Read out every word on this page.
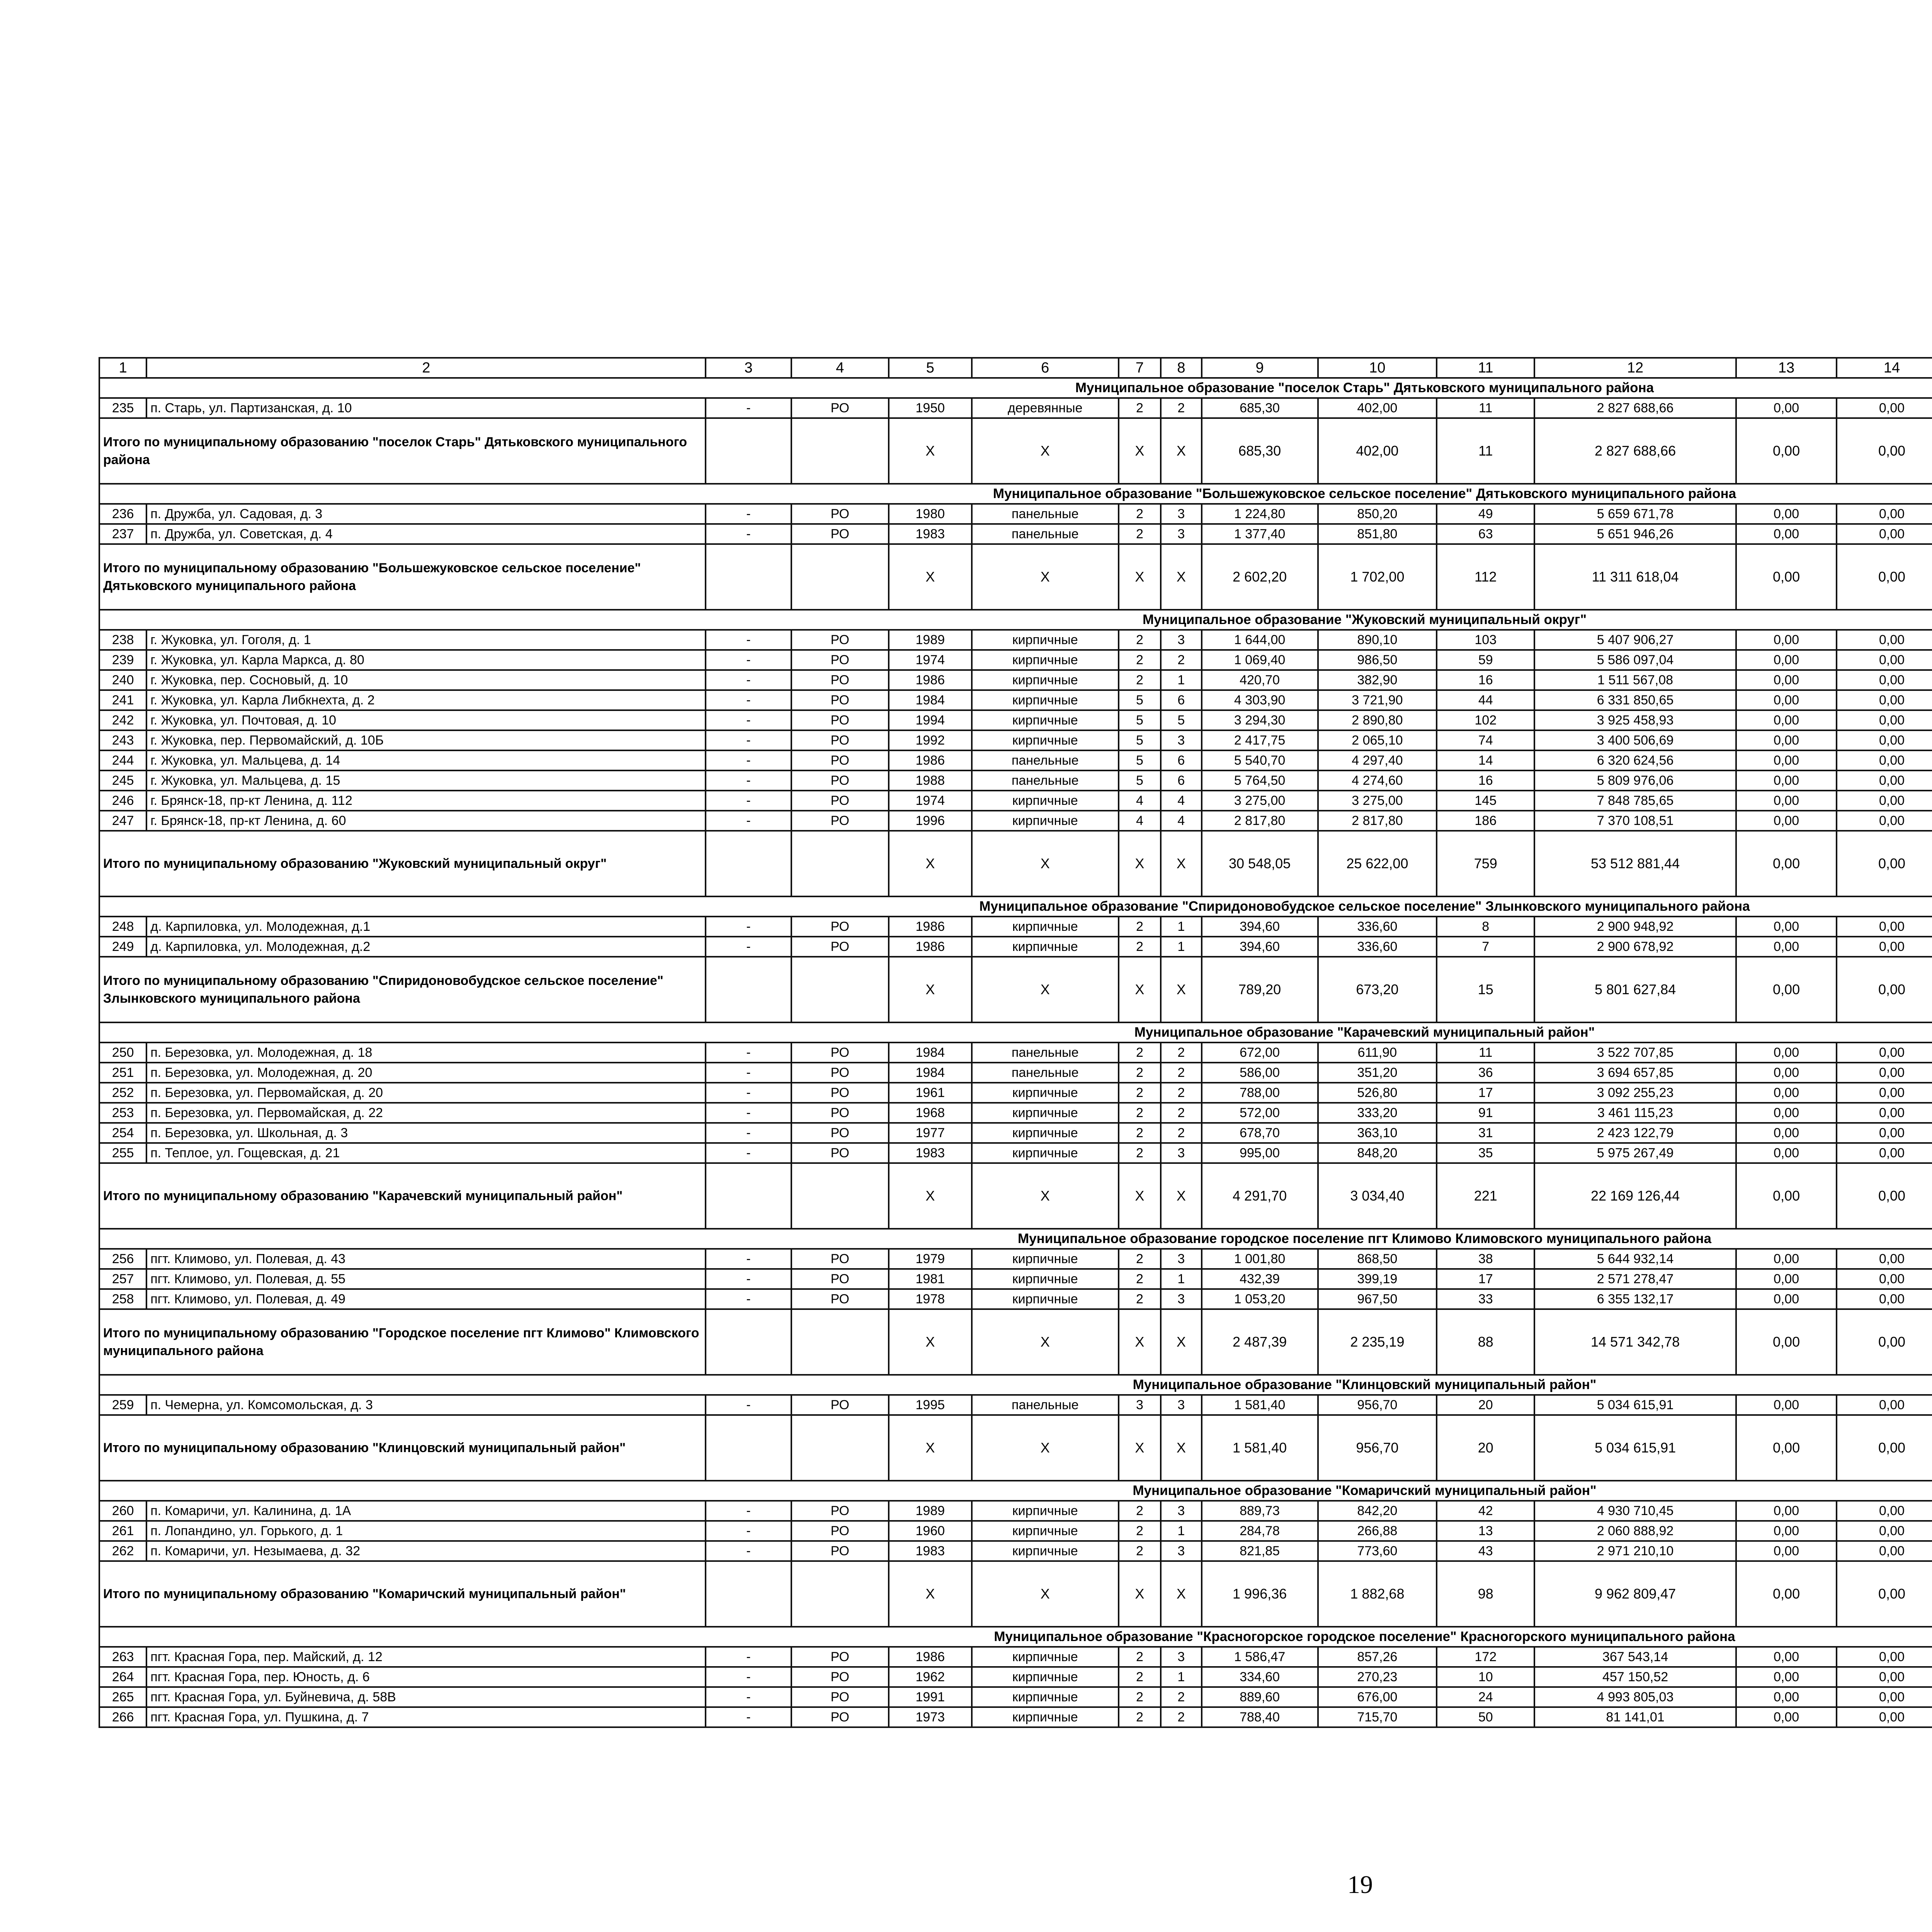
1	2	3	4	5	6	7	8	9	10	11	12	13	14					
Муниципальное образование "поселок Старь" Дятьковского муниципального района																		
235	п. Старь, ул. Партизанская, д. 10	-	РО	1950	деревянные	2	2	685,30	402,00	11	2 827 688,66	0,00	0,00					
Итого по муниципальному образованию "поселок Старь" Дятьковского муниципального района				X	X	X	X	685,30	402,00	11	2 827 688,66	0,00	0,00					
Муниципальное образование "Большежуковское сельское поселение" Дятьковского муниципального района																		
236	п. Дружба, ул. Садовая, д. 3	-	РО	1980	панельные	2	3	1 224,80	850,20	49	5 659 671,78	0,00	0,00					
237	п. Дружба, ул. Советская, д. 4	-	РО	1983	панельные	2	3	1 377,40	851,80	63	5 651 946,26	0,00	0,00					
Итого по муниципальному образованию "Большежуковское сельское поселение" Дятьковского муниципального района				X	X	X	X	2 602,20	1 702,00	112	11 311 618,04	0,00	0,00					
Муниципальное образование "Жуковский муниципальный округ"																		
238	г. Жуковка, ул. Гоголя, д. 1	-	РО	1989	кирпичные	2	3	1 644,00	890,10	103	5 407 906,27	0,00	0,00					
239	г. Жуковка, ул. Карла Маркса, д. 80	-	РО	1974	кирпичные	2	2	1 069,40	986,50	59	5 586 097,04	0,00	0,00					
240	г. Жуковка, пер. Сосновый, д. 10	-	РО	1986	кирпичные	2	1	420,70	382,90	16	1 511 567,08	0,00	0,00					
241	г. Жуковка, ул. Карла Либкнехта, д. 2	-	РО	1984	кирпичные	5	6	4 303,90	3 721,90	44	6 331 850,65	0,00	0,00					
242	г. Жуковка, ул. Почтовая, д. 10	-	РО	1994	кирпичные	5	5	3 294,30	2 890,80	102	3 925 458,93	0,00	0,00					
243	г. Жуковка, пер. Первомайский, д. 10Б	-	РО	1992	кирпичные	5	3	2 417,75	2 065,10	74	3 400 506,69	0,00	0,00					
244	г. Жуковка, ул. Мальцева, д. 14	-	РО	1986	панельные	5	6	5 540,70	4 297,40	14	6 320 624,56	0,00	0,00					
245	г. Жуковка, ул. Мальцева, д. 15	-	РО	1988	панельные	5	6	5 764,50	4 274,60	16	5 809 976,06	0,00	0,00					
246	г. Брянск-18, пр-кт Ленина, д. 112	-	РО	1974	кирпичные	4	4	3 275,00	3 275,00	145	7 848 785,65	0,00	0,00					
247	г. Брянск-18, пр-кт Ленина, д. 60	-	РО	1996	кирпичные	4	4	2 817,80	2 817,80	186	7 370 108,51	0,00	0,00					
Итого по муниципальному образованию "Жуковский муниципальный округ"				X	X	X	X	30 548,05	25 622,00	759	53 512 881,44	0,00	0,00					
Муниципальное образование "Спиридоновобудское сельское поселение" Злынковского муниципального района																		
248	д. Карпиловка, ул. Молодежная, д.1	-	РО	1986	кирпичные	2	1	394,60	336,60	8	2 900 948,92	0,00	0,00					
249	д. Карпиловка, ул. Молодежная, д.2	-	РО	1986	кирпичные	2	1	394,60	336,60	7	2 900 678,92	0,00	0,00					
Итого по муниципальному образованию "Спиридоновобудское сельское поселение" Злынковского муниципального района				X	X	X	X	789,20	673,20	15	5 801 627,84	0,00	0,00					
Муниципальное образование "Карачевский муниципальный район"																		
250	п. Березовка, ул. Молодежная, д. 18	-	РО	1984	панельные	2	2	672,00	611,90	11	3 522 707,85	0,00	0,00					
251	п. Березовка, ул. Молодежная, д. 20	-	РО	1984	панельные	2	2	586,00	351,20	36	3 694 657,85	0,00	0,00					
252	п. Березовка, ул. Первомайская, д. 20	-	РО	1961	кирпичные	2	2	788,00	526,80	17	3 092 255,23	0,00	0,00					
253	п. Березовка, ул. Первомайская, д. 22	-	РО	1968	кирпичные	2	2	572,00	333,20	91	3 461 115,23	0,00	0,00					
254	п. Березовка, ул. Школьная, д. 3	-	РО	1977	кирпичные	2	2	678,70	363,10	31	2 423 122,79	0,00	0,00					
255	п. Теплое, ул. Гощевская, д. 21	-	РО	1983	кирпичные	2	3	995,00	848,20	35	5 975 267,49	0,00	0,00					
Итого по муниципальному образованию "Карачевский муниципальный район"				X	X	X	X	4 291,70	3 034,40	221	22 169 126,44	0,00	0,00					
Муниципальное образование городское поселение пгт Климово Климовского муниципального района																		
256	пгт. Климово, ул. Полевая, д. 43	-	РО	1979	кирпичные	2	3	1 001,80	868,50	38	5 644 932,14	0,00	0,00					
257	пгт. Климово, ул. Полевая, д. 55	-	РО	1981	кирпичные	2	1	432,39	399,19	17	2 571 278,47	0,00	0,00					
258	пгт. Климово, ул. Полевая, д. 49	-	РО	1978	кирпичные	2	3	1 053,20	967,50	33	6 355 132,17	0,00	0,00					
Итого по муниципальному образованию "Городское поселение пгт Климово" Климовского муниципального района				X	X	X	X	2 487,39	2 235,19	88	14 571 342,78	0,00	0,00					
Муниципальное образование "Клинцовский муниципальный район"																		
259	п. Чемерна, ул. Комсомольская, д. 3	-	РО	1995	панельные	3	3	1 581,40	956,70	20	5 034 615,91	0,00	0,00					
Итого по муниципальному образованию "Клинцовский муниципальный район"				X	X	X	X	1 581,40	956,70	20	5 034 615,91	0,00	0,00					
Муниципальное образование "Комаричский муниципальный район"																		
260	п. Комаричи, ул. Калинина, д. 1А	-	РО	1989	кирпичные	2	3	889,73	842,20	42	4 930 710,45	0,00	0,00					
261	п. Лопандино, ул. Горького, д. 1	-	РО	1960	кирпичные	2	1	284,78	266,88	13	2 060 888,92	0,00	0,00					
262	п. Комаричи, ул. Незымаева, д. 32	-	РО	1983	кирпичные	2	3	821,85	773,60	43	2 971 210,10	0,00	0,00					
Итого по муниципальному образованию "Комаричский муниципальный район"				X	X	X	X	1 996,36	1 882,68	98	9 962 809,47	0,00	0,00					
Муниципальное образование "Красногорское городское поселение" Красногорского муниципального района																		
263	пгт. Красная Гора, пер. Майский, д. 12	-	РО	1986	кирпичные	2	3	1 586,47	857,26	172	367 543,14	0,00	0,00					
264	пгт. Красная Гора, пер. Юность, д. 6	-	РО	1962	кирпичные	2	1	334,60	270,23	10	457 150,52	0,00	0,00					
265	пгт. Красная Гора, ул. Буйневича, д. 58В	-	РО	1991	кирпичные	2	2	889,60	676,00	24	4 993 805,03	0,00	0,00					
266	пгт. Красная Гора, ул. Пушкина, д. 7	-	РО	1973	кирпичные	2	2	788,40	715,70	50	81 141,01	0,00	0,00					
19
